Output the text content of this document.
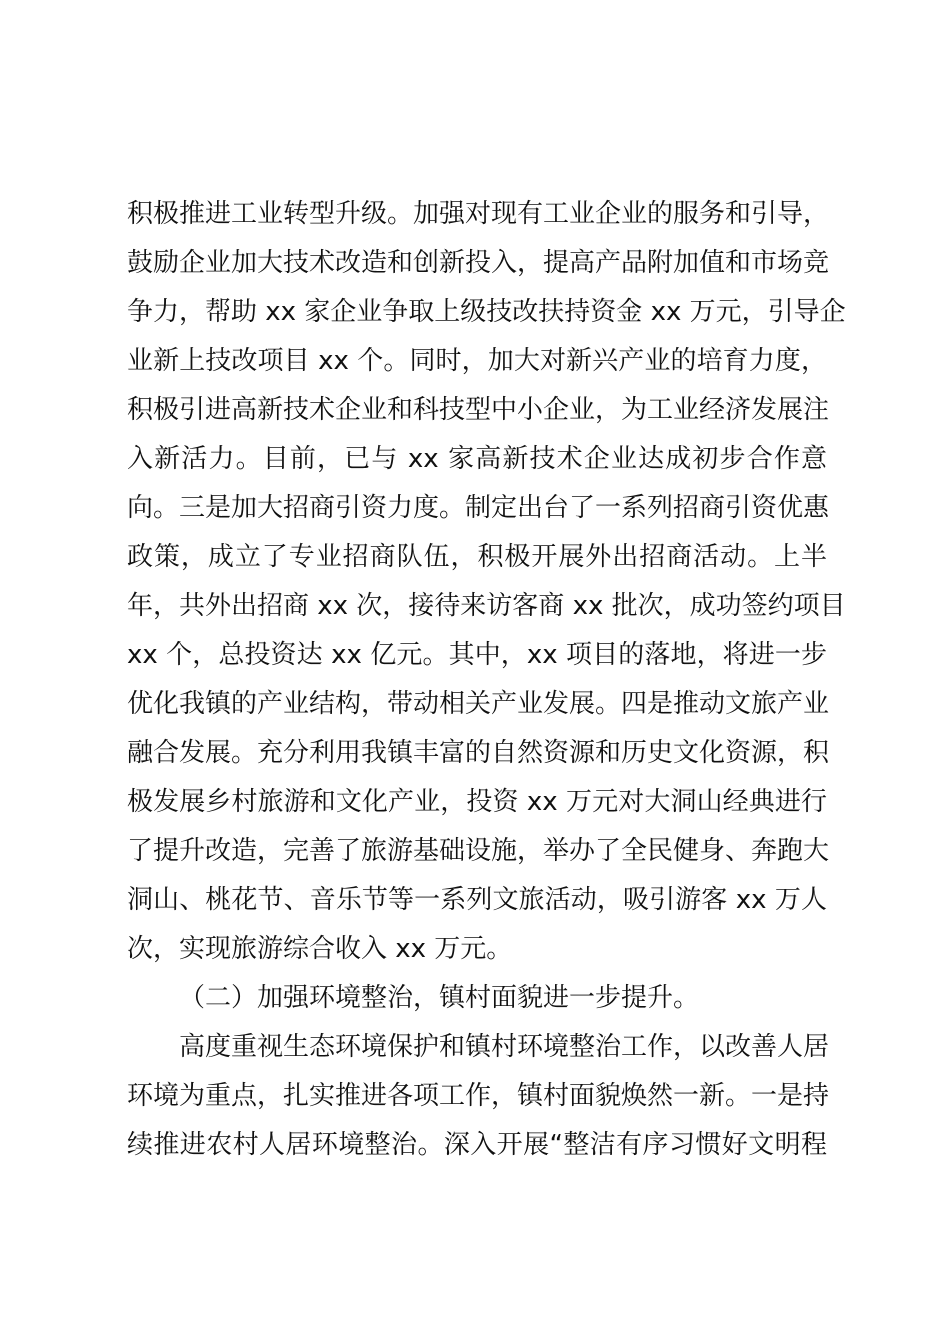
积极推进工业转型升级。加强对现有工业企业的服务和引导，
鼓励企业加大技术改造和创新投入，提高产品附加值和市场竞
争力，帮助 xx 家企业争取上级技改扶持资金 xx 万元，引导企
业新上技改项目 xx 个。同时，加大对新兴产业的培育力度，
积极引进高新技术企业和科技型中小企业，为工业经济发展注
入新活力。目前，已与 xx 家高新技术企业达成初步合作意
向。三是加大招商引资力度。制定出台了一系列招商引资优惠
政策，成立了专业招商队伍，积极开展外出招商活动。上半
年，共外出招商 xx 次，接待来访客商 xx 批次，成功签约项目
xx 个，总投资达 xx 亿元。其中，xx 项目的落地，将进一步
优化我镇的产业结构，带动相关产业发展。四是推动文旅产业
融合发展。充分利用我镇丰富的自然资源和历史文化资源，积
极发展乡村旅游和文化产业，投资 xx 万元对大洞山经典进行
了提升改造，完善了旅游基础设施，举办了全民健身、奔跑大
洞山、桃花节、音乐节等一系列文旅活动，吸引游客 xx 万人
次，实现旅游综合收入 xx 万元。
（二）加强环境整治，镇村面貌进一步提升。
高度重视生态环境保护和镇村环境整治工作，以改善人居
环境为重点，扎实推进各项工作，镇村面貌焕然一新。一是持
续推进农村人居环境整治。深入开展“整洁有序习惯好文明程
